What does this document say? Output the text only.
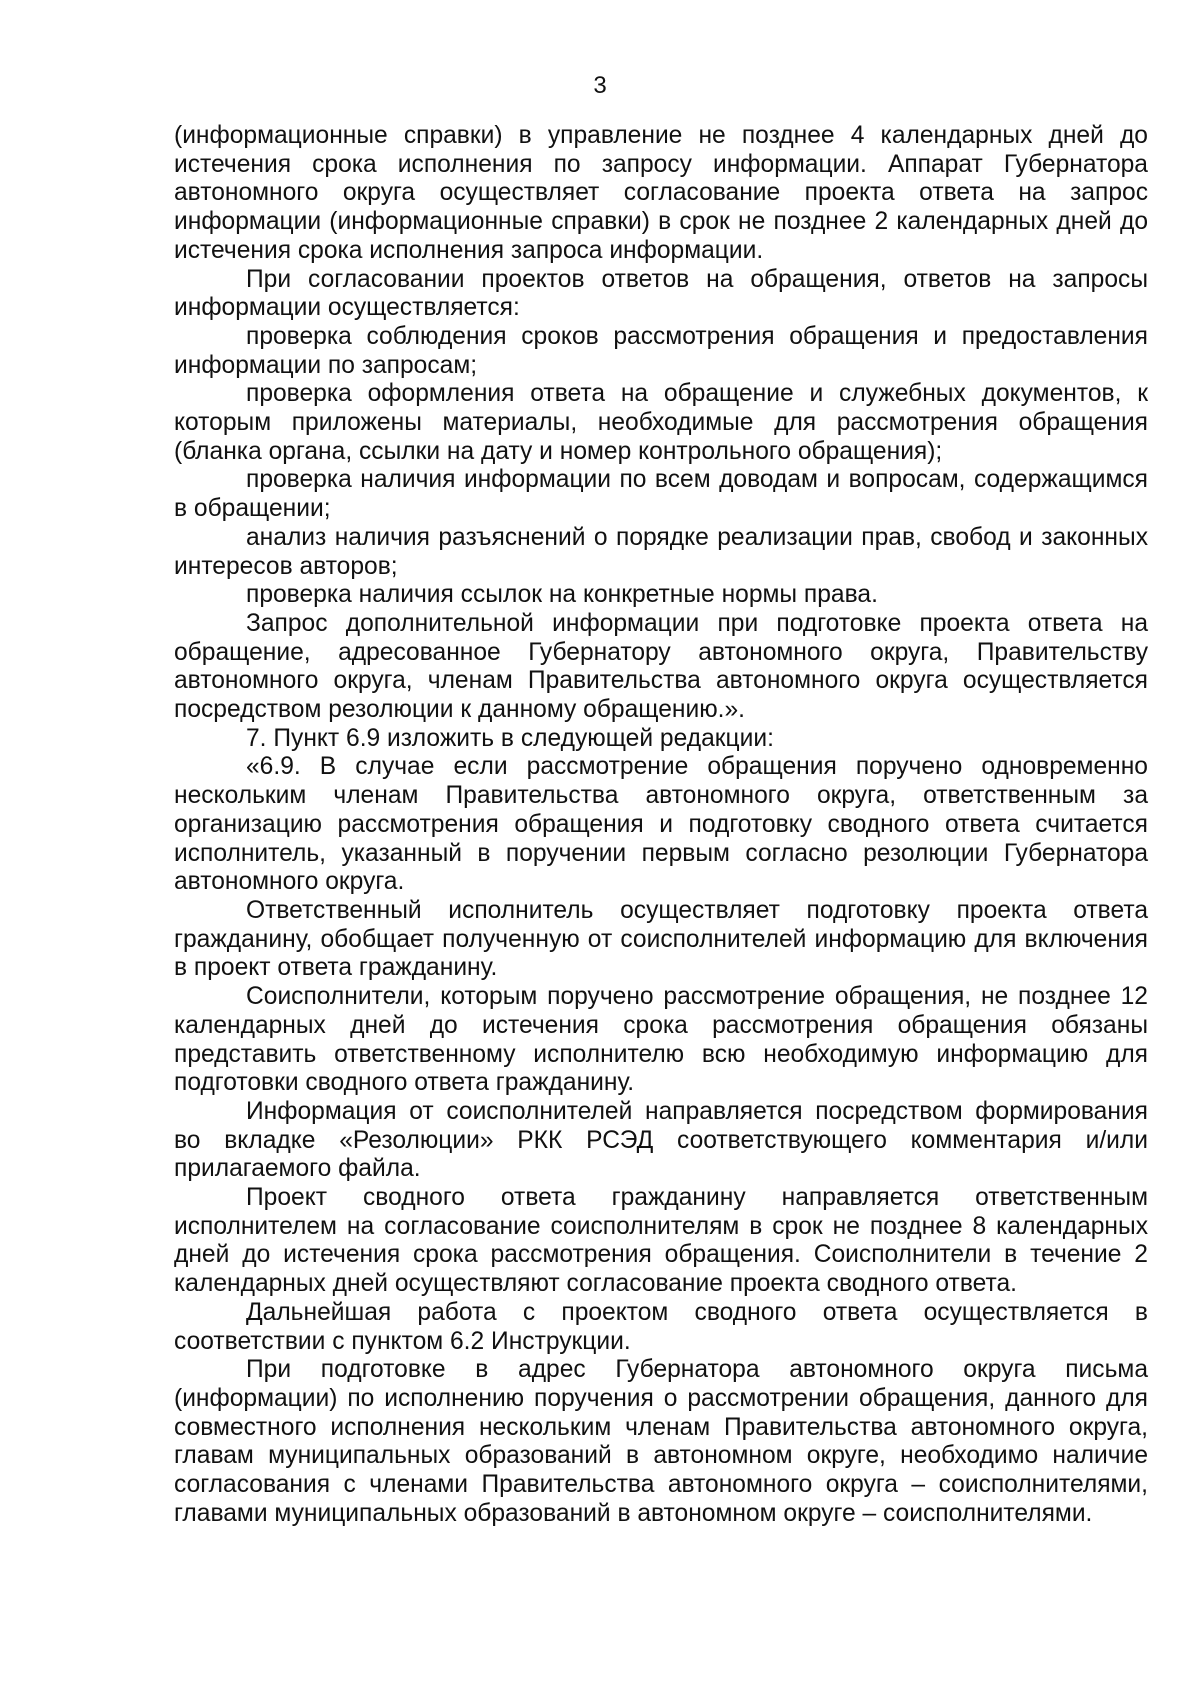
3

(информационные справки) в управление не позднее 4 календарных дней до истечения срока исполнения по запросу информации. Аппарат Губернатора автономного округа осуществляет согласование проекта ответа на запрос информации (информационные справки) в срок не позднее 2 календарных дней до истечения срока исполнения запроса информации.

При согласовании проектов ответов на обращения, ответов на запросы информации осуществляется:

проверка соблюдения сроков рассмотрения обращения и предоставления информации по запросам;

проверка оформления ответа на обращение и служебных документов, к которым приложены материалы, необходимые для рассмотрения обращения (бланка органа, ссылки на дату и номер контрольного обращения);

проверка наличия информации по всем доводам и вопросам, содержащимся в обращении;

анализ наличия разъяснений о порядке реализации прав, свобод и законных интересов авторов;

проверка наличия ссылок на конкретные нормы права.

Запрос дополнительной информации при подготовке проекта ответа на обращение, адресованное Губернатору автономного округа, Правительству автономного округа, членам Правительства автономного округа осуществляется посредством резолюции к данному обращению.».

7. Пункт 6.9 изложить в следующей редакции:

«6.9. В случае если рассмотрение обращения поручено одновременно нескольким членам Правительства автономного округа, ответственным за организацию рассмотрения обращения и подготовку сводного ответа считается исполнитель, указанный в поручении первым согласно резолюции Губернатора автономного округа.

Ответственный исполнитель осуществляет подготовку проекта ответа гражданину, обобщает полученную от соисполнителей информацию для включения в проект ответа гражданину.

Соисполнители, которым поручено рассмотрение обращения, не позднее 12 календарных дней до истечения срока рассмотрения обращения обязаны представить ответственному исполнителю всю необходимую информацию для подготовки сводного ответа гражданину.

Информация от соисполнителей направляется посредством формирования во вкладке «Резолюции» РКК РСЭД соответствующего комментария и/или прилагаемого файла.

Проект сводного ответа гражданину направляется ответственным исполнителем на согласование соисполнителям в срок не позднее 8 календарных дней до истечения срока рассмотрения обращения. Соисполнители в течение 2 календарных дней осуществляют согласование проекта сводного ответа.

Дальнейшая работа с проектом сводного ответа осуществляется в соответствии с пунктом 6.2 Инструкции.

При подготовке в адрес Губернатора автономного округа письма (информации) по исполнению поручения о рассмотрении обращения, данного для совместного исполнения нескольким членам Правительства автономного округа, главам муниципальных образований в автономном округе, необходимо наличие согласования с членами Правительства автономного округа – соисполнителями, главами муниципальных образований в автономном округе – соисполнителями.
